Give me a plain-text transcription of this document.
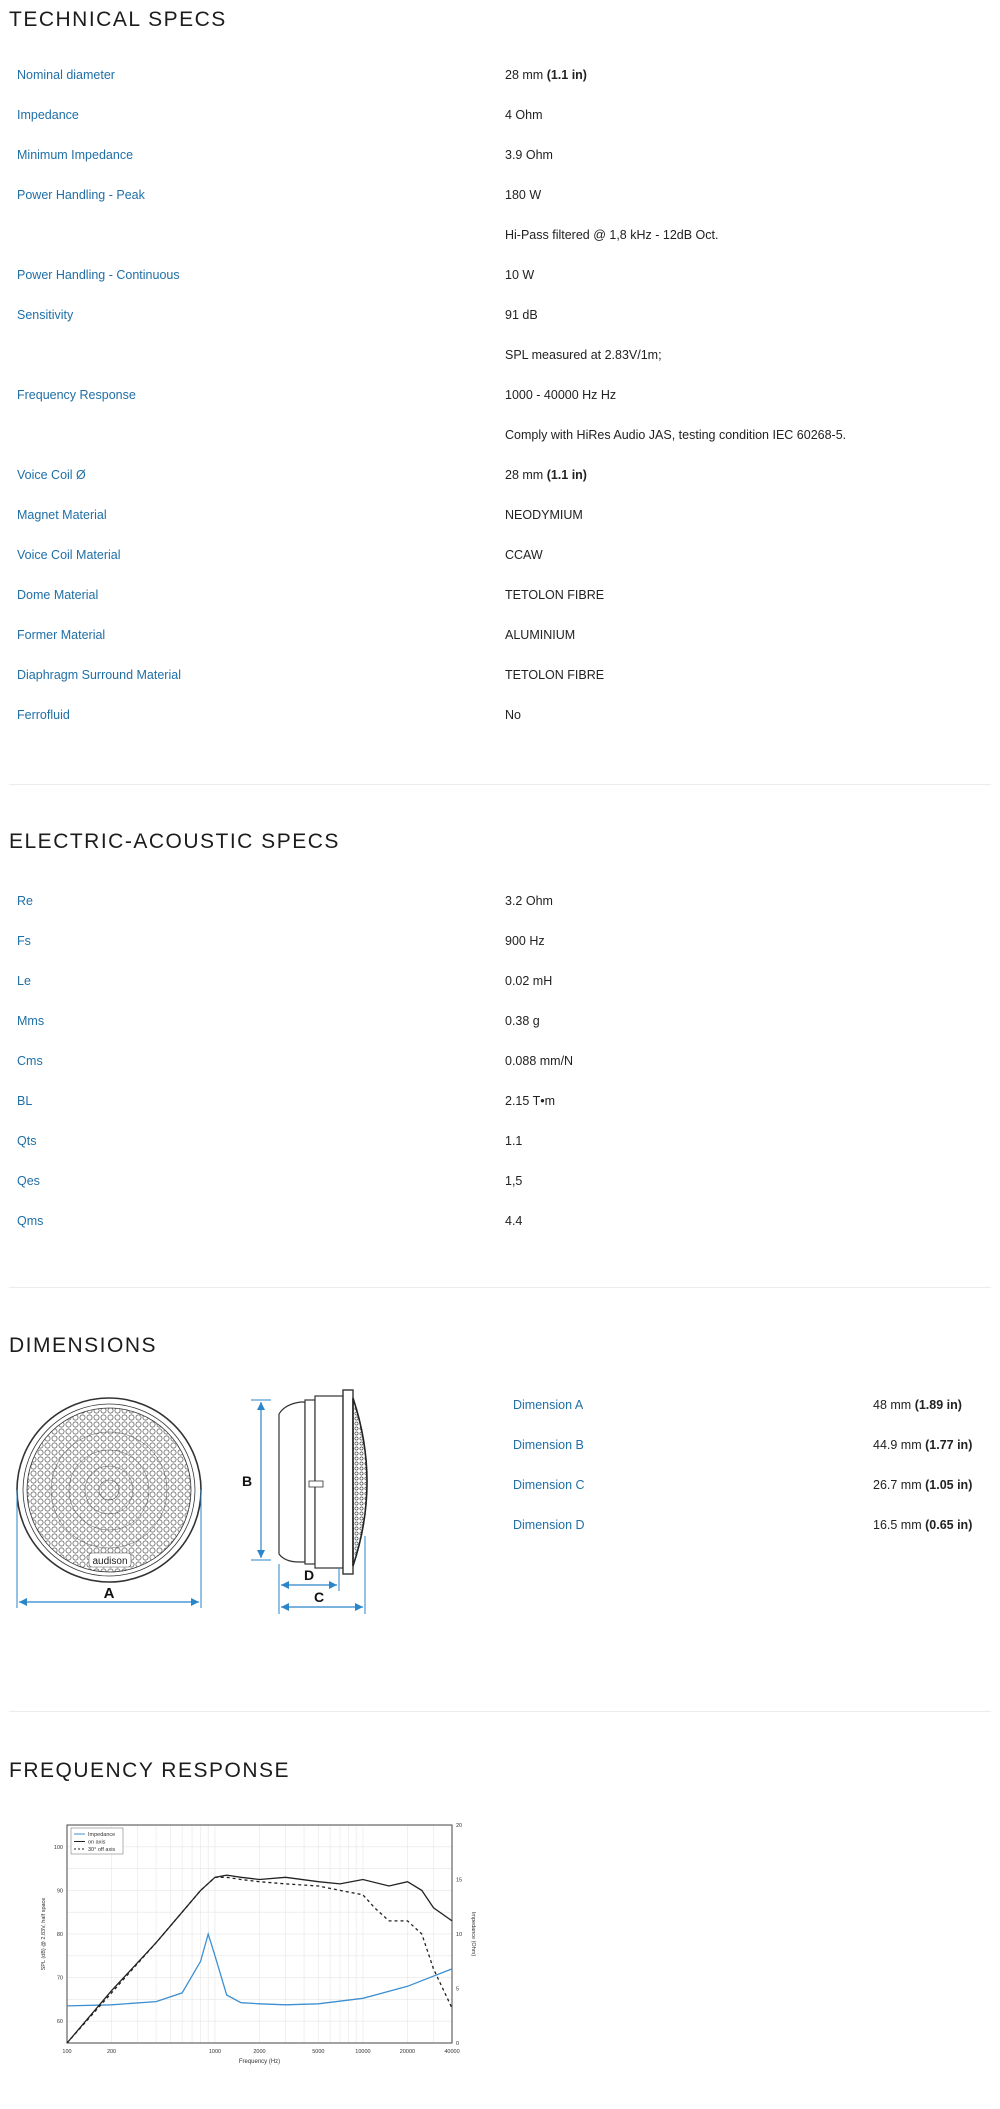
TECHNICAL SPECS
Nominal diameter	28 mm (1.1 in)
Impedance	4 Ohm
Minimum Impedance	3.9 Ohm
Power Handling - Peak	180 W
Hi-Pass filtered @ 1,8 kHz - 12dB Oct.
Power Handling - Continuous	10 W
Sensitivity	91 dB
SPL measured at 2.83V/1m;
Frequency Response	1000 - 40000 Hz Hz
Comply with HiRes Audio JAS, testing condition IEC 60268-5.
Voice Coil Ø	28 mm (1.1 in)
Magnet Material	NEODYMIUM
Voice Coil Material	CCAW
Dome Material	TETOLON FIBRE
Former Material	ALUMINIUM
Diaphragm Surround Material	TETOLON FIBRE
Ferrofluid	No
ELECTRIC-ACOUSTIC SPECS
Re	3.2 Ohm
Fs	900 Hz
Le	0.02 mH
Mms	0.38 g
Cms	0.088 mm/N
BL	2.15 T•m
Qts	1.1
Qes	1,5
Qms	4.4
DIMENSIONS
Dimension A	48 mm (1.89 in)
Dimension B	44.9 mm (1.77 in)
Dimension C	26.7 mm (1.05 in)
Dimension D	16.5 mm (0.65 in)
audison
A
B
D
C
FREQUENCY RESPONSE
100	200	1000	2000	5000	10000	20000	40000
60
70
80
90
100
0
5
10
15
20
Frequency (Hz)
SPL (dB) @ 2.83V, half space	Impedance (Ohm)
Impedance
on axis
30° off axis
